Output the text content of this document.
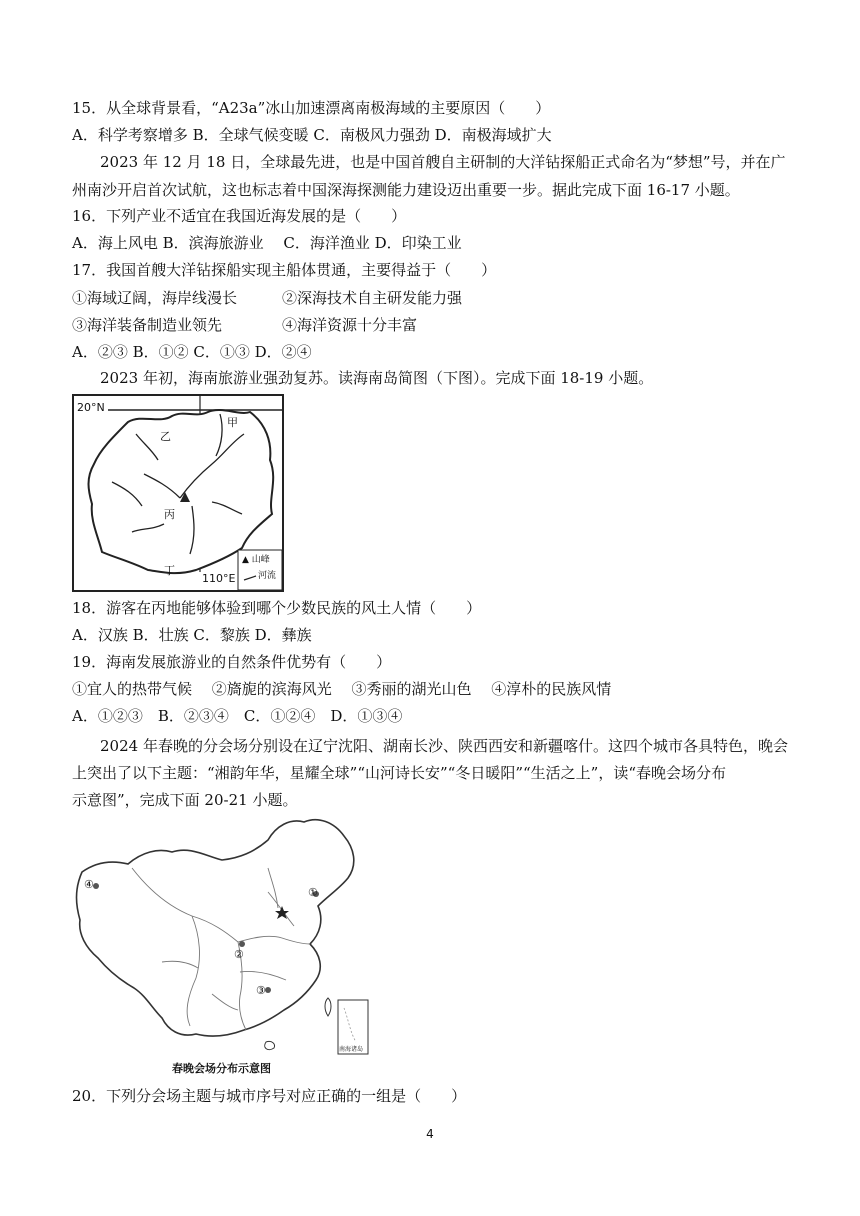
15．从全球背景看，“A23a”冰山加速漂离南极海域的主要原因（　　）
A．科学考察增多 B．全球气候变暖 C．南极风力强劲 D．南极海域扩大
2023 年 12 月 18 日，全球最先进，也是中国首艘自主研制的大洋钻探船正式命名为“梦想”号，并在广
州南沙开启首次试航，这也标志着中国深海探测能力建设迈出重要一步。据此完成下面 16-17 小题。
16．下列产业不适宜在我国近海发展的是（　　）
A．海上风电 B．滨海旅游业　 C．海洋渔业 D．印染工业
17．我国首艘大洋钻探船实现主船体贯通，主要得益于（　　）
①海域辽阔，海岸线漫长	②深海技术自主研发能力强
③海洋装备制造业领先	④海洋资源十分丰富
A．②③ B．①② C．①③ D．②④
2023 年初，海南旅游业强劲复苏。读海南岛简图（下图）。完成下面 18-19 小题。
20°N
110°E
甲
乙
丙
丁
▲ 山峰
河流
18．游客在丙地能够体验到哪个少数民族的风土人情（　　）
A．汉族 B．壮族 C．黎族 D．彝族
19．海南发展旅游业的自然条件优势有（　　）
①宜人的热带气候　 ②旖旎的滨海风光　 ③秀丽的湖光山色　 ④淳朴的民族风情
A．①②③　B．②③④　C．①②④　D．①③④
2024 年春晚的分会场分别设在辽宁沈阳、湖南长沙、陕西西安和新疆喀什。这四个城市各具特色，晚会
上突出了以下主题：“湘韵年华，星耀全球”“山河诗长安”“冬日暖阳”“生活之上”，读“春晚会场分布
示意图”，完成下面 20-21 小题。
①
②
③
④
南海诸岛
春晚会场分布示意图
20．下列分会场主题与城市序号对应正确的一组是（　　）
4
